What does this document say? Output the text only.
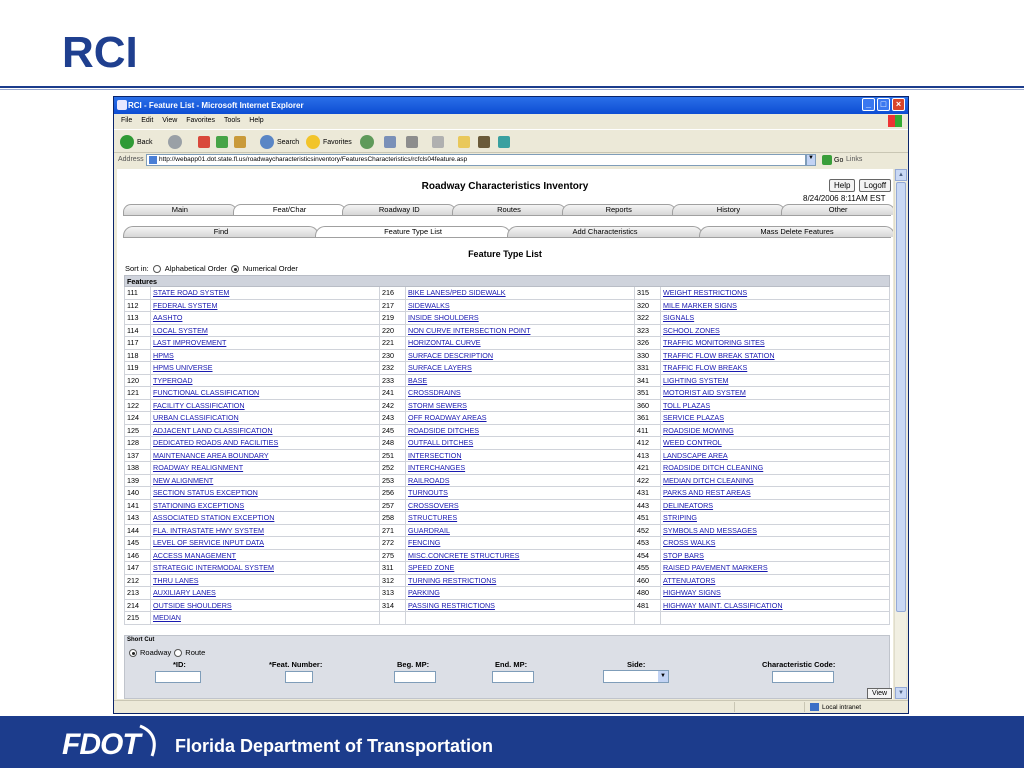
RCI
RCI - Feature List - Microsoft Internet Explorer	_	□	×
File Edit View Favorites Tools Help
Back	Search	Favorites
Address	http://webapp01.dot.state.fl.us/roadwaycharacteristicsinventory/FeaturesCharacteristics/rcfcls04feature.asp	▼	Go Links
Roadway Characteristics Inventory	Help	Logoff
8/24/2006 8:11AM EST
Main	Feat/Char	Roadway ID	Routes	Reports	History	Other
Find	Feature Type List	Add Characteristics	Mass Delete Features
Feature Type List
Sort in: Alphabetical Order Numerical Order
Features					
111	STATE ROAD SYSTEM	216	BIKE LANES/PED SIDEWALK	315	WEIGHT RESTRICTIONS
112	FEDERAL SYSTEM	217	SIDEWALKS	320	MILE MARKER SIGNS
113	AASHTO	219	INSIDE SHOULDERS	322	SIGNALS
114	LOCAL SYSTEM	220	NON CURVE INTERSECTION POINT	323	SCHOOL ZONES
117	LAST IMPROVEMENT	221	HORIZONTAL CURVE	326	TRAFFIC MONITORING SITES
118	HPMS	230	SURFACE DESCRIPTION	330	TRAFFIC FLOW BREAK STATION
119	HPMS UNIVERSE	232	SURFACE LAYERS	331	TRAFFIC FLOW BREAKS
120	TYPEROAD	233	BASE	341	LIGHTING SYSTEM
121	FUNCTIONAL CLASSIFICATION	241	CROSSDRAINS	351	MOTORIST AID SYSTEM
122	FACILITY CLASSIFICATION	242	STORM SEWERS	360	TOLL PLAZAS
124	URBAN CLASSIFICATION	243	OFF ROADWAY AREAS	361	SERVICE PLAZAS
125	ADJACENT LAND CLASSIFICATION	245	ROADSIDE DITCHES	411	ROADSIDE MOWING
128	DEDICATED ROADS AND FACILITIES	248	OUTFALL DITCHES	412	WEED CONTROL
137	MAINTENANCE AREA BOUNDARY	251	INTERSECTION	413	LANDSCAPE AREA
138	ROADWAY REALIGNMENT	252	INTERCHANGES	421	ROADSIDE DITCH CLEANING
139	NEW ALIGNMENT	253	RAILROADS	422	MEDIAN DITCH CLEANING
140	SECTION STATUS EXCEPTION	256	TURNOUTS	431	PARKS AND REST AREAS
141	STATIONING EXCEPTIONS	257	CROSSOVERS	443	DELINEATORS
143	ASSOCIATED STATION EXCEPTION	258	STRUCTURES	451	STRIPING
144	FLA. INTRASTATE HWY SYSTEM	271	GUARDRAIL	452	SYMBOLS AND MESSAGES
145	LEVEL OF SERVICE INPUT DATA	272	FENCING	453	CROSS WALKS
146	ACCESS MANAGEMENT	275	MISC.CONCRETE STRUCTURES	454	STOP BARS
147	STRATEGIC INTERMODAL SYSTEM	311	SPEED ZONE	455	RAISED PAVEMENT MARKERS
212	THRU LANES	312	TURNING RESTRICTIONS	460	ATTENUATORS
213	AUXILIARY LANES	313	PARKING	480	HIGHWAY SIGNS
214	OUTSIDE SHOULDERS	314	PASSING RESTRICTIONS	481	HIGHWAY MAINT. CLASSIFICATION
215	MEDIAN				
Short Cut
Roadway Route
*ID:	*Feat. Number:	Beg. MP:	End. MP:	Side:	Characteristic Code:
▼
View
▲
▼
Local intranet
FDOT Florida Department of Transportation
